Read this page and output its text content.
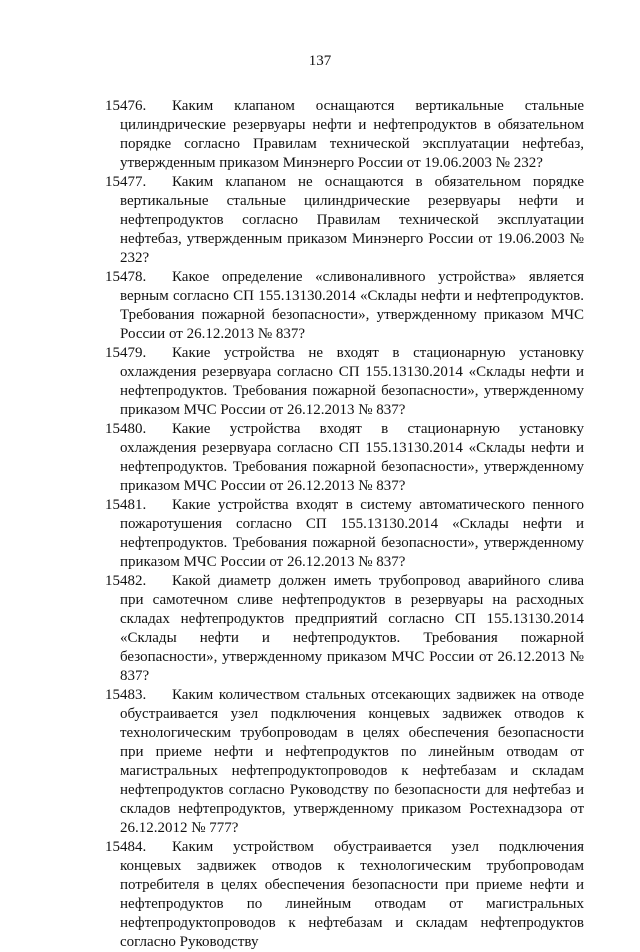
137
15476.	Каким клапаном оснащаются вертикальные стальные цилиндрические резервуары нефти и нефтепродуктов в обязательном порядке согласно Правилам технической эксплуатации нефтебаз, утвержденным приказом Минэнерго России от 19.06.2003 № 232?

15477.	Каким клапаном не оснащаются в обязательном порядке вертикальные стальные цилиндрические резервуары нефти и нефтепродуктов согласно Правилам технической эксплуатации нефтебаз, утвержденным приказом Минэнерго России от 19.06.2003 № 232?

15478.	Какое определение «сливоналивного устройства» является верным согласно СП 155.13130.2014 «Склады нефти и нефтепродуктов. Требования пожарной безопасности», утвержденному приказом МЧС России от 26.12.2013 № 837?

15479.	Какие устройства не входят в стационарную установку охлаждения резервуара согласно СП 155.13130.2014 «Склады нефти и нефтепродуктов. Требования пожарной безопасности», утвержденному приказом МЧС России от 26.12.2013 № 837?

15480.	Какие устройства входят в стационарную установку охлаждения резервуара согласно СП 155.13130.2014 «Склады нефти и нефтепродуктов. Требования пожарной безопасности», утвержденному приказом МЧС России от 26.12.2013 № 837?

15481.	Какие устройства входят в систему автоматического пенного пожаротушения согласно СП 155.13130.2014 «Склады нефти и нефтепродуктов. Требования пожарной безопасности», утвержденному приказом МЧС России от 26.12.2013 № 837?

15482.	Какой диаметр должен иметь трубопровод аварийного слива при самотечном сливе нефтепродуктов в резервуары на расходных складах нефтепродуктов предприятий согласно СП 155.13130.2014 «Склады нефти и нефтепродуктов. Требования пожарной безопасности», утвержденному приказом МЧС России от 26.12.2013 № 837?

15483.	Каким количеством стальных отсекающих задвижек на отводе обустраивается узел подключения концевых задвижек отводов к технологическим трубопроводам в целях обеспечения безопасности при приеме нефти и нефтепродуктов по линейным отводам от магистральных нефтепродуктопроводов к нефтебазам и складам нефтепродуктов согласно Руководству по безопасности для нефтебаз и складов нефтепродуктов, утвержденному приказом Ростехнадзора от 26.12.2012 № 777?

15484.	Каким устройством обустраивается узел подключения концевых задвижек отводов к технологическим трубопроводам потребителя в целях обеспечения безопасности при приеме нефти и нефтепродуктов по линейным отводам от магистральных нефтепродуктопроводов к нефтебазам и складам нефтепродуктов согласно Руководству
